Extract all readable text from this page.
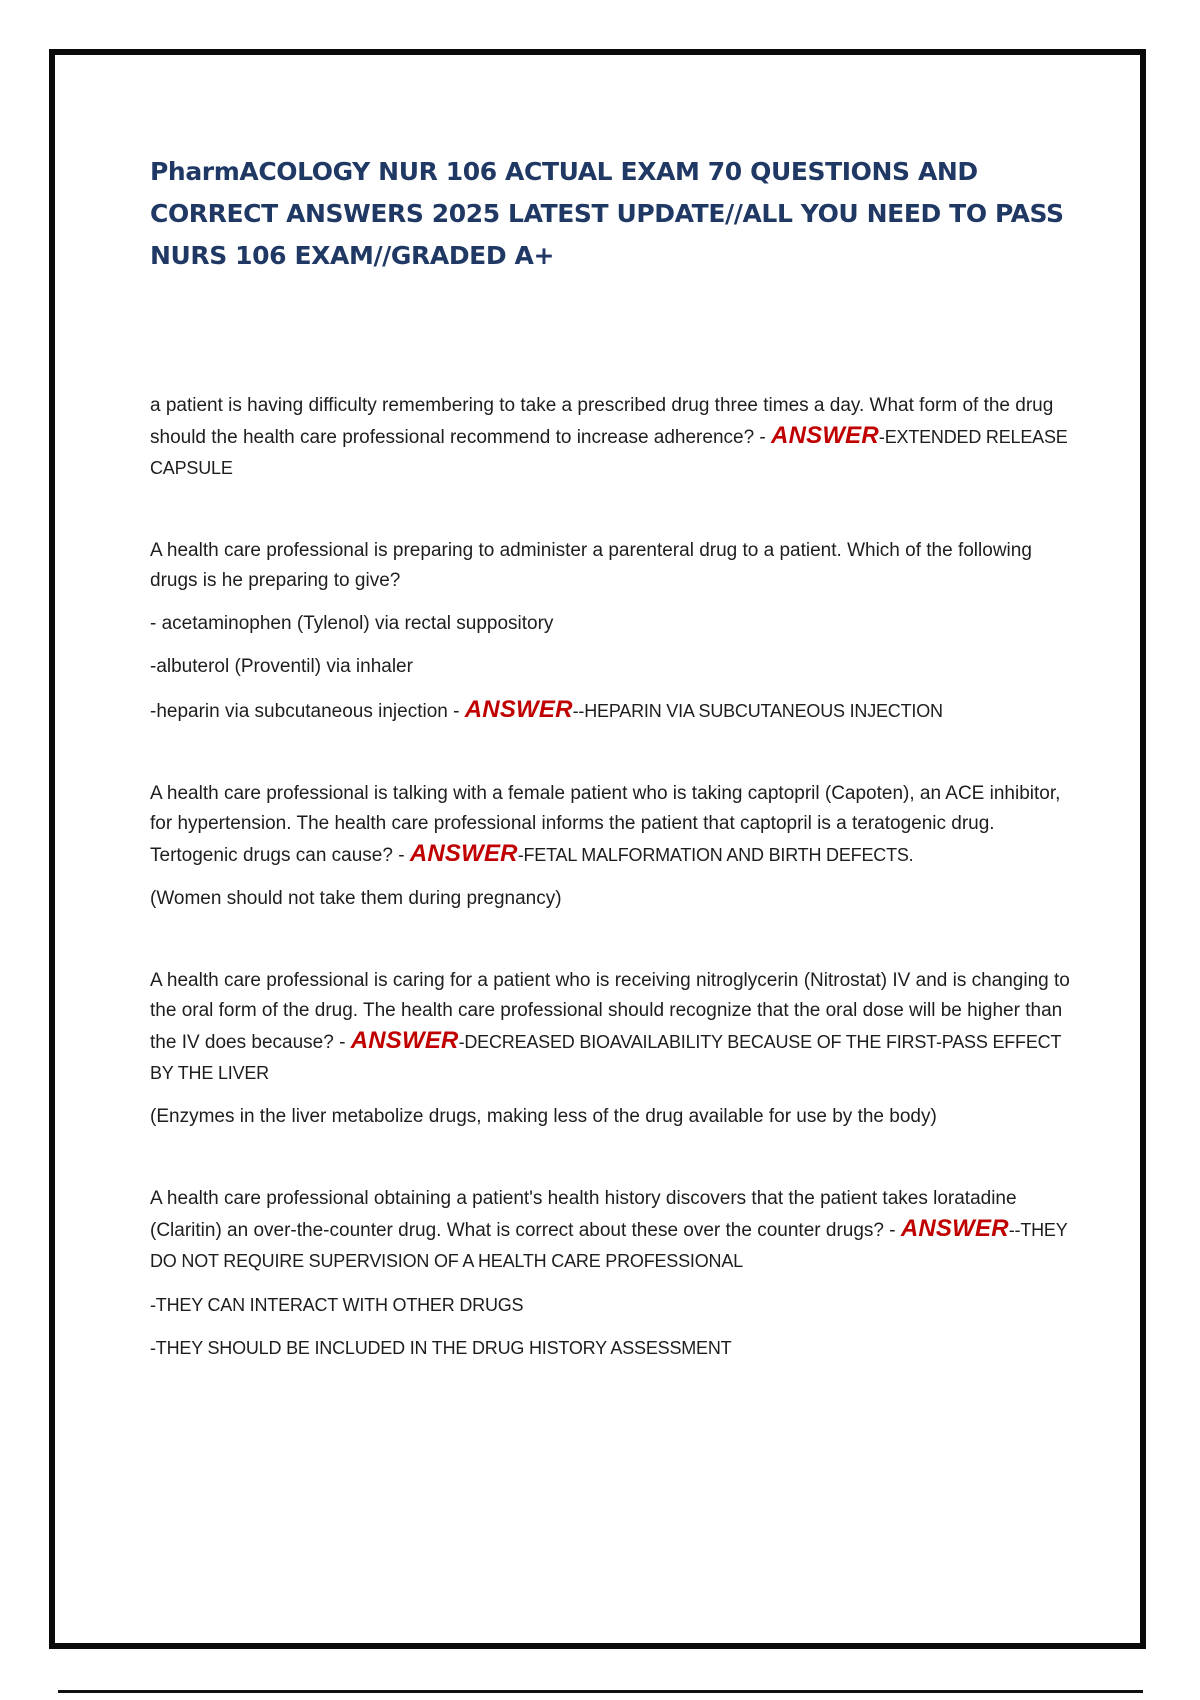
PharmACOLOGY NUR 106 ACTUAL EXAM 70 QUESTIONS AND CORRECT ANSWERS 2025 LATEST UPDATE//ALL YOU NEED TO PASS NURS 106 EXAM//GRADED A+

a patient is having difficulty remembering to take a prescribed drug three times a day. What form of the drug should the health care professional recommend to increase adherence? - ANSWER-EXTENDED RELEASE CAPSULE

A health care professional is preparing to administer a parenteral drug to a patient. Which of the following drugs is he preparing to give?

- acetaminophen (Tylenol) via rectal suppository

-albuterol (Proventil) via inhaler

-heparin via subcutaneous injection - ANSWER--HEPARIN VIA SUBCUTANEOUS INJECTION

A health care professional is talking with a female patient who is taking captopril (Capoten), an ACE inhibitor, for hypertension. The health care professional informs the patient that captopril is a teratogenic drug. Tertogenic drugs can cause? - ANSWER-FETAL MALFORMATION AND BIRTH DEFECTS.

(Women should not take them during pregnancy)

A health care professional is caring for a patient who is receiving nitroglycerin (Nitrostat) IV and is changing to the oral form of the drug. The health care professional should recognize that the oral dose will be higher than the IV does because? - ANSWER-DECREASED BIOAVAILABILITY BECAUSE OF THE FIRST-PASS EFFECT BY THE LIVER

(Enzymes in the liver metabolize drugs, making less of the drug available for use by the body)

A health care professional obtaining a patient's health history discovers that the patient takes loratadine (Claritin) an over-the-counter drug. What is correct about these over the counter drugs? - ANSWER--THEY DO NOT REQUIRE SUPERVISION OF A HEALTH CARE PROFESSIONAL

-THEY CAN INTERACT WITH OTHER DRUGS

-THEY SHOULD BE INCLUDED IN THE DRUG HISTORY ASSESSMENT
